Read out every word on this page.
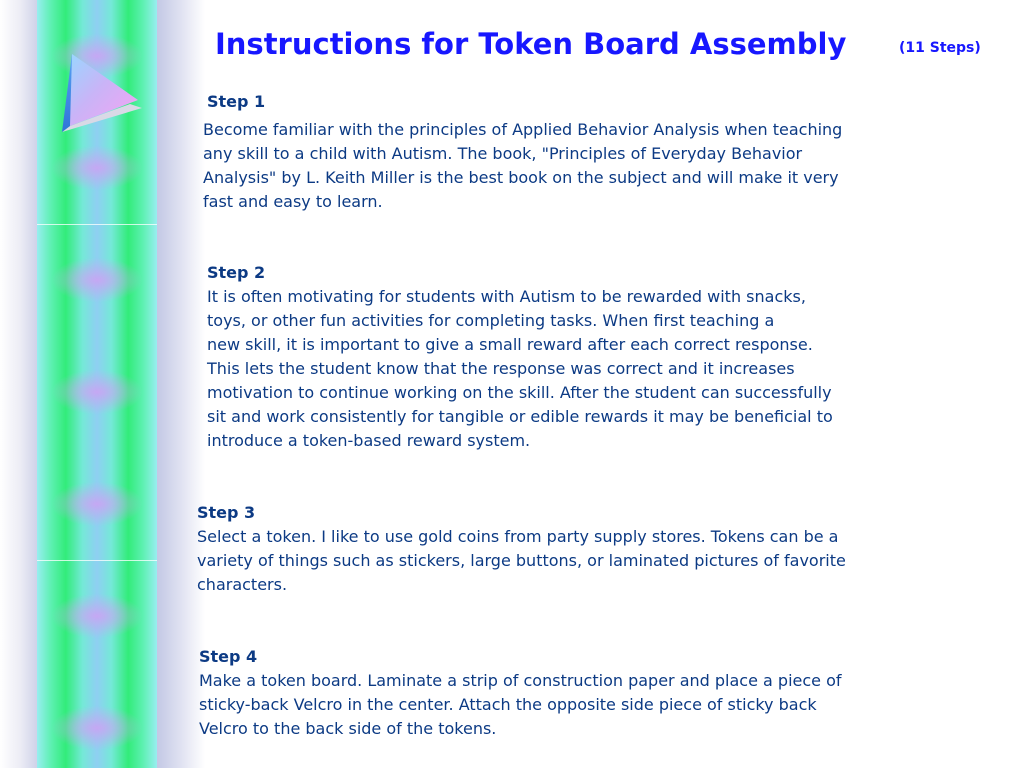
Instructions for Token Board Assembly	(11 Steps)
Step 1

Become familiar with the principles of Applied Behavior Analysis when teaching
any skill to a child with Autism. The book, "Principles of Everyday Behavior
Analysis" by L. Keith Miller is the best book on the subject and will make it very
fast and easy to learn.

Step 2

It is often motivating for students with Autism to be rewarded with snacks,
toys, or other fun activities for completing tasks. When first teaching a
new skill, it is important to give a small reward after each correct response.
This lets the student know that the response was correct and it increases
motivation to continue working on the skill. After the student can successfully
sit and work consistently for tangible or edible rewards it may be beneficial to
introduce a token-based reward system.

Step 3

Select a token. I like to use gold coins from party supply stores. Tokens can be a
variety of things such as stickers, large buttons, or laminated pictures of favorite
characters.

Step 4

Make a token board. Laminate a strip of construction paper and place a piece of
sticky-back Velcro in the center. Attach the opposite side piece of sticky back
Velcro to the back side of the tokens.
